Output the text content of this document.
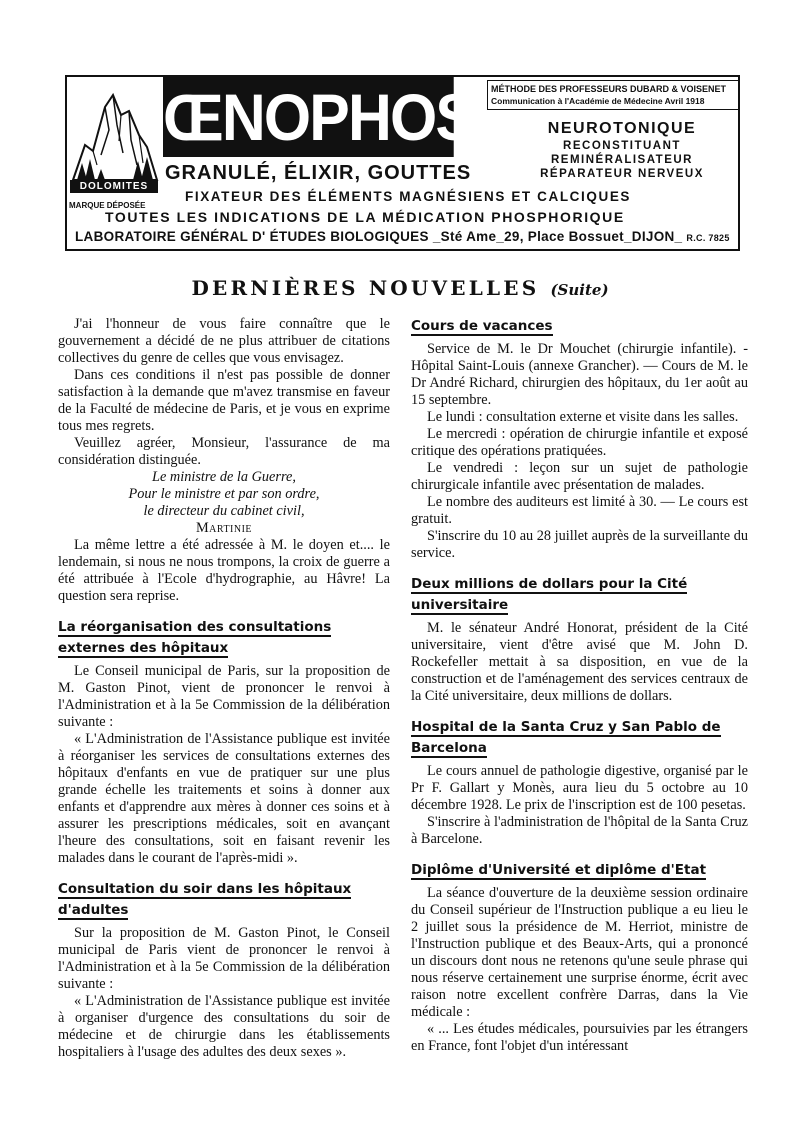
DOLOMITES
MARQUE DÉPOSÉE
ŒNOPHOS MÉTHODE DES PROFESSEURS DUBARD & VOISENET
Communication à l'Académie de Médecine Avril 1918
NEUROTONIQUE
RECONSTITUANT
REMINÉRALISATEUR
RÉPARATEUR NERVEUX
GRANULÉ, ÉLIXIR, GOUTTES
FIXATEUR DES ÉLÉMENTS MAGNÉSIENS ET CALCIQUES
TOUTES LES INDICATIONS DE LA MÉDICATION PHOSPHORIQUE
LABORATOIRE GÉNÉRAL D' ÉTUDES BIOLOGIQUES _Sté Ame_29, Place Bossuet_DIJON_ R.C. 7825
DERNIÈRES NOUVELLES (Suite)

J'ai l'honneur de vous faire connaître que le gouvernement a décidé de ne plus attribuer de citations collectives du genre de celles que vous envisagez.

Dans ces conditions il n'est pas possible de donner satisfaction à la demande que m'avez transmise en faveur de la Faculté de médecine de Paris, et je vous en exprime tous mes regrets.

Veuillez agréer, Monsieur, l'assurance de ma considération distinguée.

Le ministre de la Guerre,
Pour le ministre et par son ordre,
le directeur du cabinet civil,
Martinie

La même lettre a été adressée à M. le doyen et.... le lendemain, si nous ne nous trompons, la croix de guerre a été attribuée à l'Ecole d'hydrographie, au Hâvre! La question sera reprise.

La réorganisation des consultations externes des hôpitaux

Le Conseil municipal de Paris, sur la proposition de M. Gaston Pinot, vient de prononcer le renvoi à l'Administration et à la 5e Commission de la délibération suivante :

« L'Administration de l'Assistance publique est invitée à réorganiser les services de consultations externes des hôpitaux d'enfants en vue de pratiquer sur une plus grande échelle les traitements et soins à donner aux enfants et d'apprendre aux mères à donner ces soins et à assurer les prescriptions médicales, soit en avançant l'heure des consultations, soit en faisant revenir les malades dans le courant de l'après-midi ».

Consultation du soir dans les hôpitaux d'adultes

Sur la proposition de M. Gaston Pinot, le Conseil municipal de Paris vient de prononcer le renvoi à l'Administration et à la 5e Commission de la délibération suivante :

« L'Administration de l'Assistance publique est invitée à organiser d'urgence des consultations du soir de médecine et de chirurgie dans les établissements hospitaliers à l'usage des adultes des deux sexes ».

Cours de vacances

Service de M. le Dr Mouchet (chirurgie infantile). - Hôpital Saint-Louis (annexe Grancher). — Cours de M. le Dr André Richard, chirurgien des hôpitaux, du 1er août au 15 septembre.

Le lundi : consultation externe et visite dans les salles.

Le mercredi : opération de chirurgie infantile et exposé critique des opérations pratiquées.

Le vendredi : leçon sur un sujet de pathologie chirurgicale infantile avec présentation de malades.

Le nombre des auditeurs est limité à 30. — Le cours est gratuit.

S'inscrire du 10 au 28 juillet auprès de la surveillante du service.

Deux millions de dollars pour la Cité universitaire

M. le sénateur André Honorat, président de la Cité universitaire, vient d'être avisé que M. John D. Rockefeller mettait à sa disposition, en vue de la construction et de l'aménagement des services centraux de la Cité universitaire, deux millions de dollars.

Hospital de la Santa Cruz y San Pablo de Barcelona

Le cours annuel de pathologie digestive, organisé par le Pr F. Gallart y Monès, aura lieu du 5 octobre au 10 décembre 1928. Le prix de l'inscription est de 100 pesetas.

S'inscrire à l'administration de l'hôpital de la Santa Cruz à Barcelone.

Diplôme d'Université et diplôme d'Etat

La séance d'ouverture de la deuxième session ordinaire du Conseil supérieur de l'Instruction publique a eu lieu le 2 juillet sous la présidence de M. Herriot, ministre de l'Instruction publique et des Beaux-Arts, qui a prononcé un discours dont nous ne retenons qu'une seule phrase qui nous réserve certainement une surprise énorme, écrit avec raison notre excellent confrère Darras, dans la Vie médicale :

« ... Les études médicales, poursuivies par les étrangers en France, font l'objet d'un intéressant
